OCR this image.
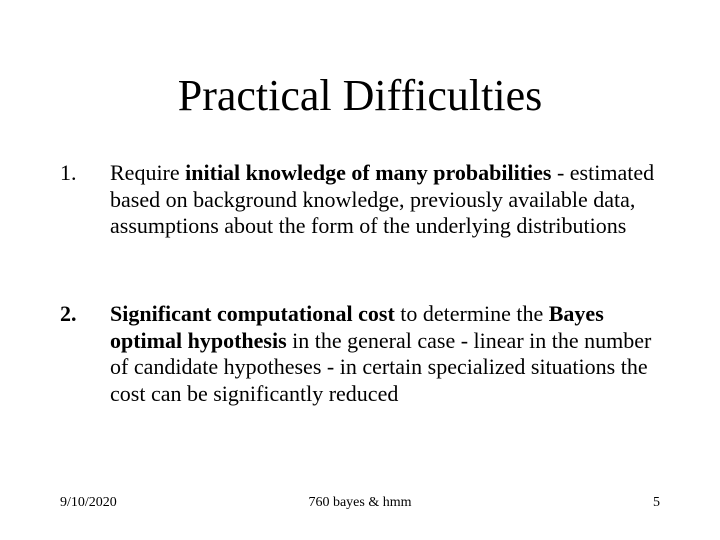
Practical Difficulties
1.	Require initial knowledge of many probabilities - estimated based on background knowledge, previously available data, assumptions about the form of the underlying distributions
2.	Significant computational cost to determine the Bayes optimal hypothesis in the general case - linear in the number of candidate hypotheses - in certain specialized situations the cost can be significantly reduced
9/10/2020	760 bayes & hmm	5
